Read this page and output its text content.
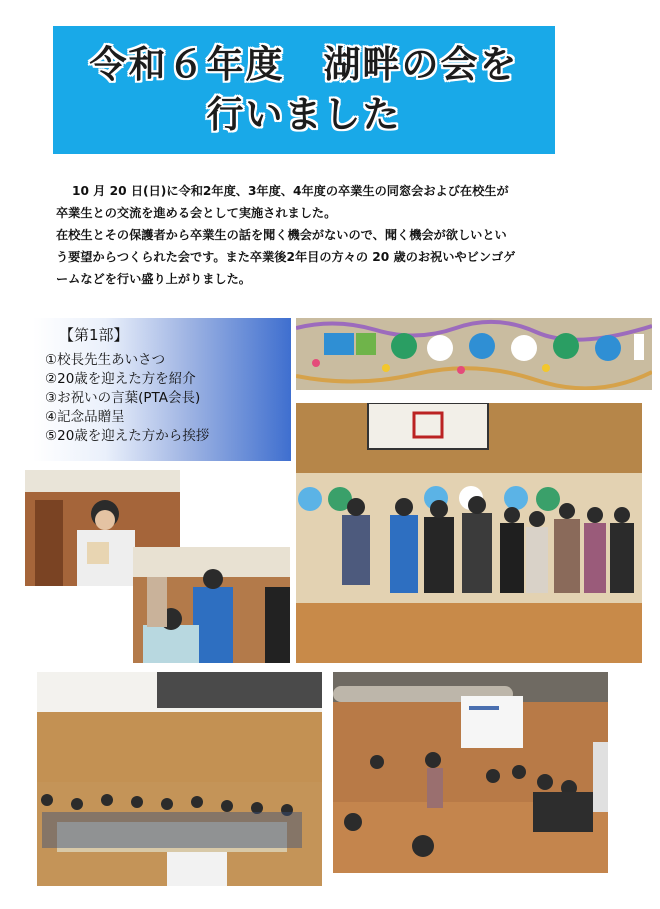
令和６年度　湖畔の会を
行いました

10 月 20 日(日)に令和2年度、3年度、4年度の卒業生の同窓会および在校生が

卒業生との交流を進める会として実施されました。

在校生とその保護者から卒業生の話を聞く機会がないので、聞く機会が欲しいとい

う要望からつくられた会です。また卒業後2年目の方々の 20 歳のお祝いやビンゴゲ

ームなどを行い盛り上がりました。

【第1部】
①校長先生あいさつ
②20歳を迎えた方を紹介
③お祝いの言葉(PTA会長)
④記念品贈呈
⑤20歳を迎えた方から挨拶
